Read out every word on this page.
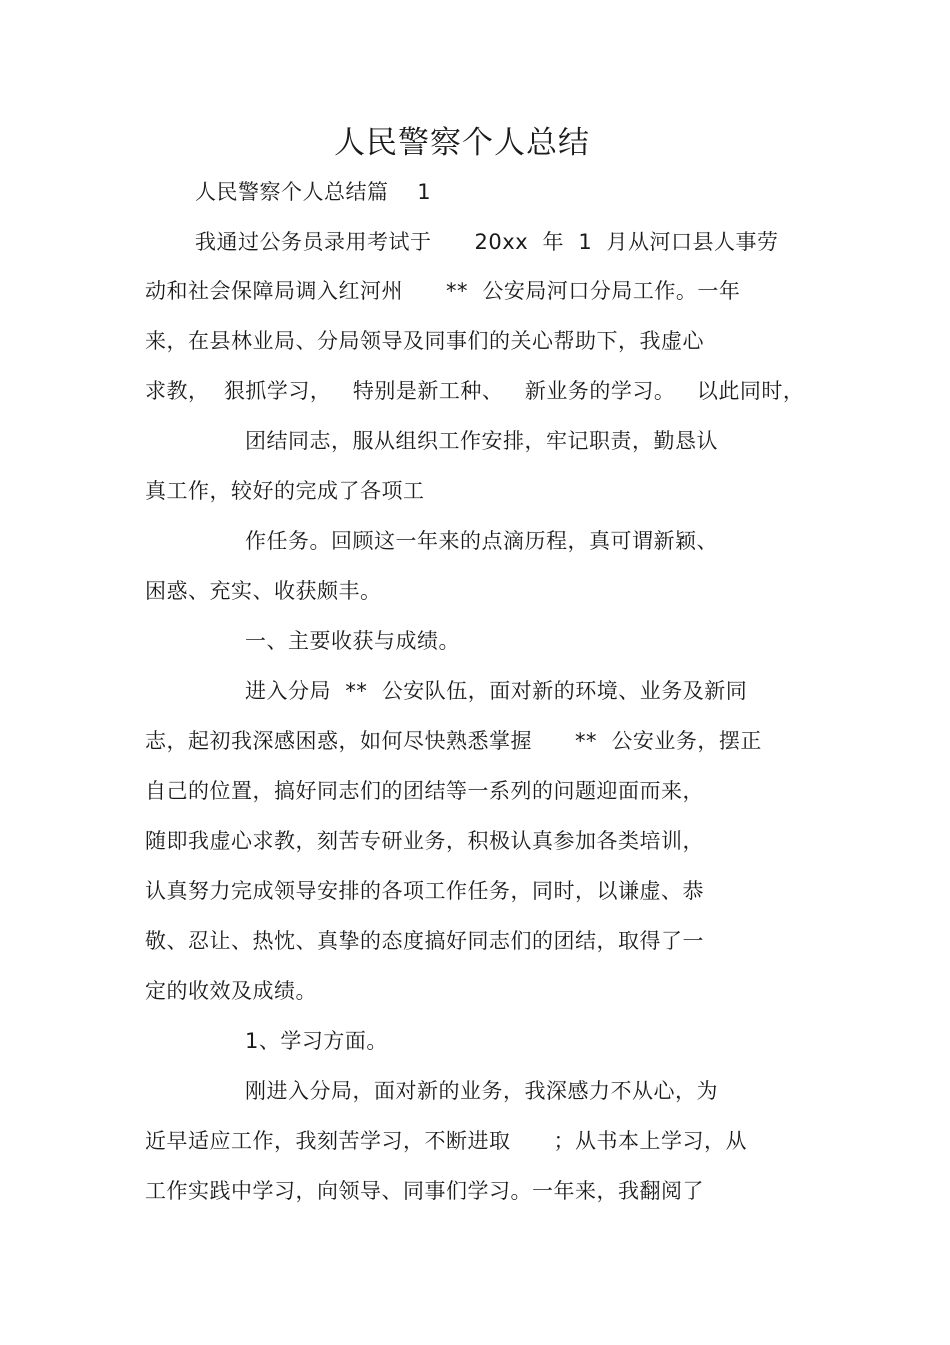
人民警察个人总结
人民警察个人总结篇    1
我通过公务员录用考试于      20xx  年  1  月从河口县人事劳
动和社会保障局调入红河州      **  公安局河口分局工作。一年
来，在县林业局、分局领导及同事们的关心帮助下，我虚心
求教，  狠抓学习，   特别是新工种、   新业务的学习。   以此同时，
团结同志，服从组织工作安排，牢记职责，勤恳认
真工作，较好的完成了各项工
作任务。回顾这一年来的点滴历程，真可谓新颖、
困惑、充实、收获颇丰。
一、主要收获与成绩。
进入分局  **  公安队伍，面对新的环境、业务及新同
志，起初我深感困惑，如何尽快熟悉掌握      **  公安业务，摆正
自己的位置，搞好同志们的团结等一系列的问题迎面而来，
随即我虚心求教，刻苦专研业务，积极认真参加各类培训，
认真努力完成领导安排的各项工作任务，同时，以谦虚、恭
敬、忍让、热忱、真挚的态度搞好同志们的团结，取得了一
定的收效及成绩。
1、学习方面。
刚进入分局，面对新的业务，我深感力不从心，为
近早适应工作，我刻苦学习，不断进取      ；从书本上学习，从
工作实践中学习，向领导、同事们学习。一年来，我翻阅了
